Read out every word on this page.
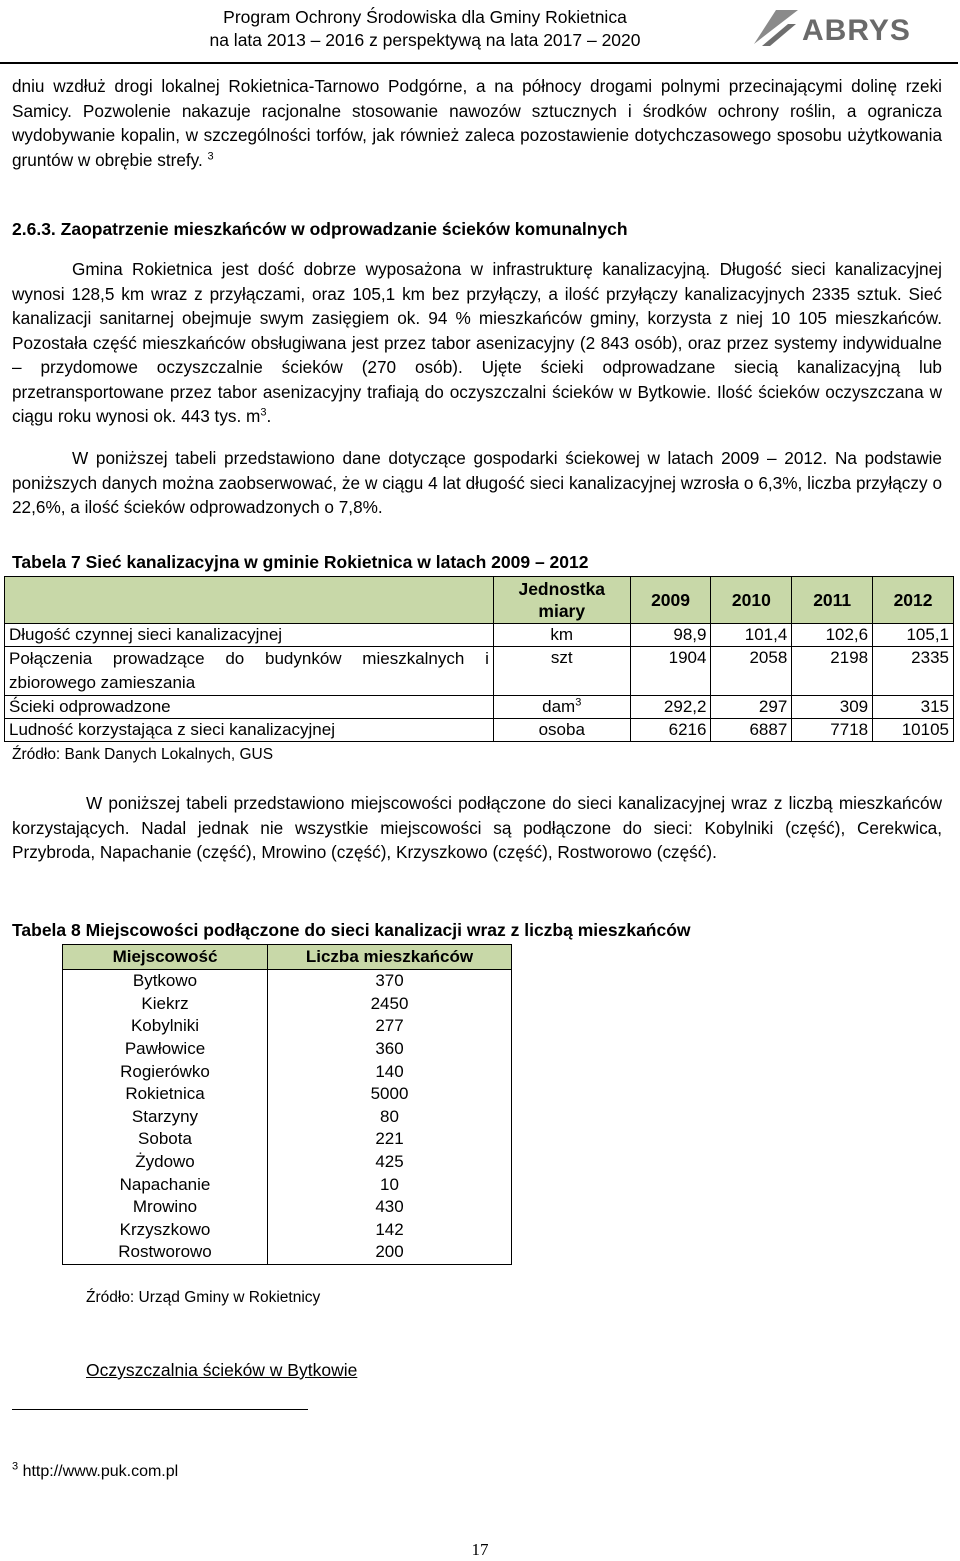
Program Ochrony Środowiska dla Gminy Rokietnica
na lata 2013 – 2016 z perspektywą na lata 2017 – 2020	ABRYS
dniu wzdłuż drogi lokalnej Rokietnica-Tarnowo Podgórne, a na północy drogami polnymi przecinającymi dolinę rzeki Samicy. Pozwolenie nakazuje racjonalne stosowanie nawozów sztucznych i środków ochrony roślin, a ogranicza wydobywanie kopalin, w szczególności torfów, jak również zaleca pozostawienie dotychczasowego sposobu użytkowania gruntów w obrębie strefy. $^3$
2.6.3. Zaopatrzenie mieszkańców w odprowadzanie ścieków komunalnych
Gmina Rokietnica jest dość dobrze wyposażona w infrastrukturę kanalizacyjną. Długość sieci kanalizacyjnej wynosi 128,5 km wraz z przyłączami, oraz 105,1 km bez przyłączy, a ilość przyłączy kanalizacyjnych 2335 sztuk. Sieć kanalizacji sanitarnej obejmuje swym zasięgiem ok. 94 % mieszkańców gminy, korzysta z niej 10 105 mieszkańców. Pozostała część mieszkańców obsługiwana jest przez tabor asenizacyjny (2 843 osób), oraz przez systemy indywidualne – przydomowe oczyszczalnie ścieków (270 osób). Ujęte ścieki odprowadzane siecią kanalizacyjną lub przetransportowane przez tabor asenizacyjny trafiają do oczyszczalni ścieków w Bytkowie. Ilość ścieków oczyszczana w ciągu roku wynosi ok. 443 tys. $m^3$.
W poniższej tabeli przedstawiono dane dotyczące gospodarki ściekowej w latach 2009 – 2012. Na podstawie poniższych danych można zaobserwować, że w ciągu 4 lat długość sieci kanalizacyjnej wzrosła o 6,3%, liczba przyłączy o 22,6%, a ilość ścieków odprowadzonych o 7,8%.
Tabela 7 Sieć kanalizacyjna w gminie Rokietnica w latach 2009 – 2012
	Jednostka miary	2009	2010	2011	2012
Długość czynnej sieci kanalizacyjnej	km	98,9	101,4	102,6	105,1
Połączenia prowadzące do budynków mieszkalnych i zbiorowego zamieszania	szt	1904	2058	2198	2335
Ścieki odprowadzone	dam$^3$	292,2	297	309	315
Ludność korzystająca z sieci kanalizacyjnej	osoba	6216	6887	7718	10105
Źródło: Bank Danych Lokalnych, GUS
W poniższej tabeli przedstawiono miejscowości podłączone do sieci kanalizacyjnej wraz z liczbą mieszkańców korzystających. Nadal jednak nie wszystkie miejscowości są podłączone do sieci: Kobylniki (część), Cerekwica, Przybroda, Napachanie (część), Mrowino (część), Krzyszkowo (część), Rostworowo (część).
Tabela 8 Miejscowości podłączone do sieci kanalizacji wraz z liczbą mieszkańców
Miejscowość	Liczba mieszkańców
Bytkowo	370
Kiekrz	2450
Kobylniki	277
Pawłowice	360
Rogierówko	140
Rokietnica	5000
Starzyny	80
Sobota	221
Żydowo	425
Napachanie	10
Mrowino	430
Krzyszkowo	142
Rostworowo	200
Źródło: Urząd Gminy w Rokietnicy
Oczyszczalnia ścieków w Bytkowie
$^3$ http://www.puk.com.pl
17
